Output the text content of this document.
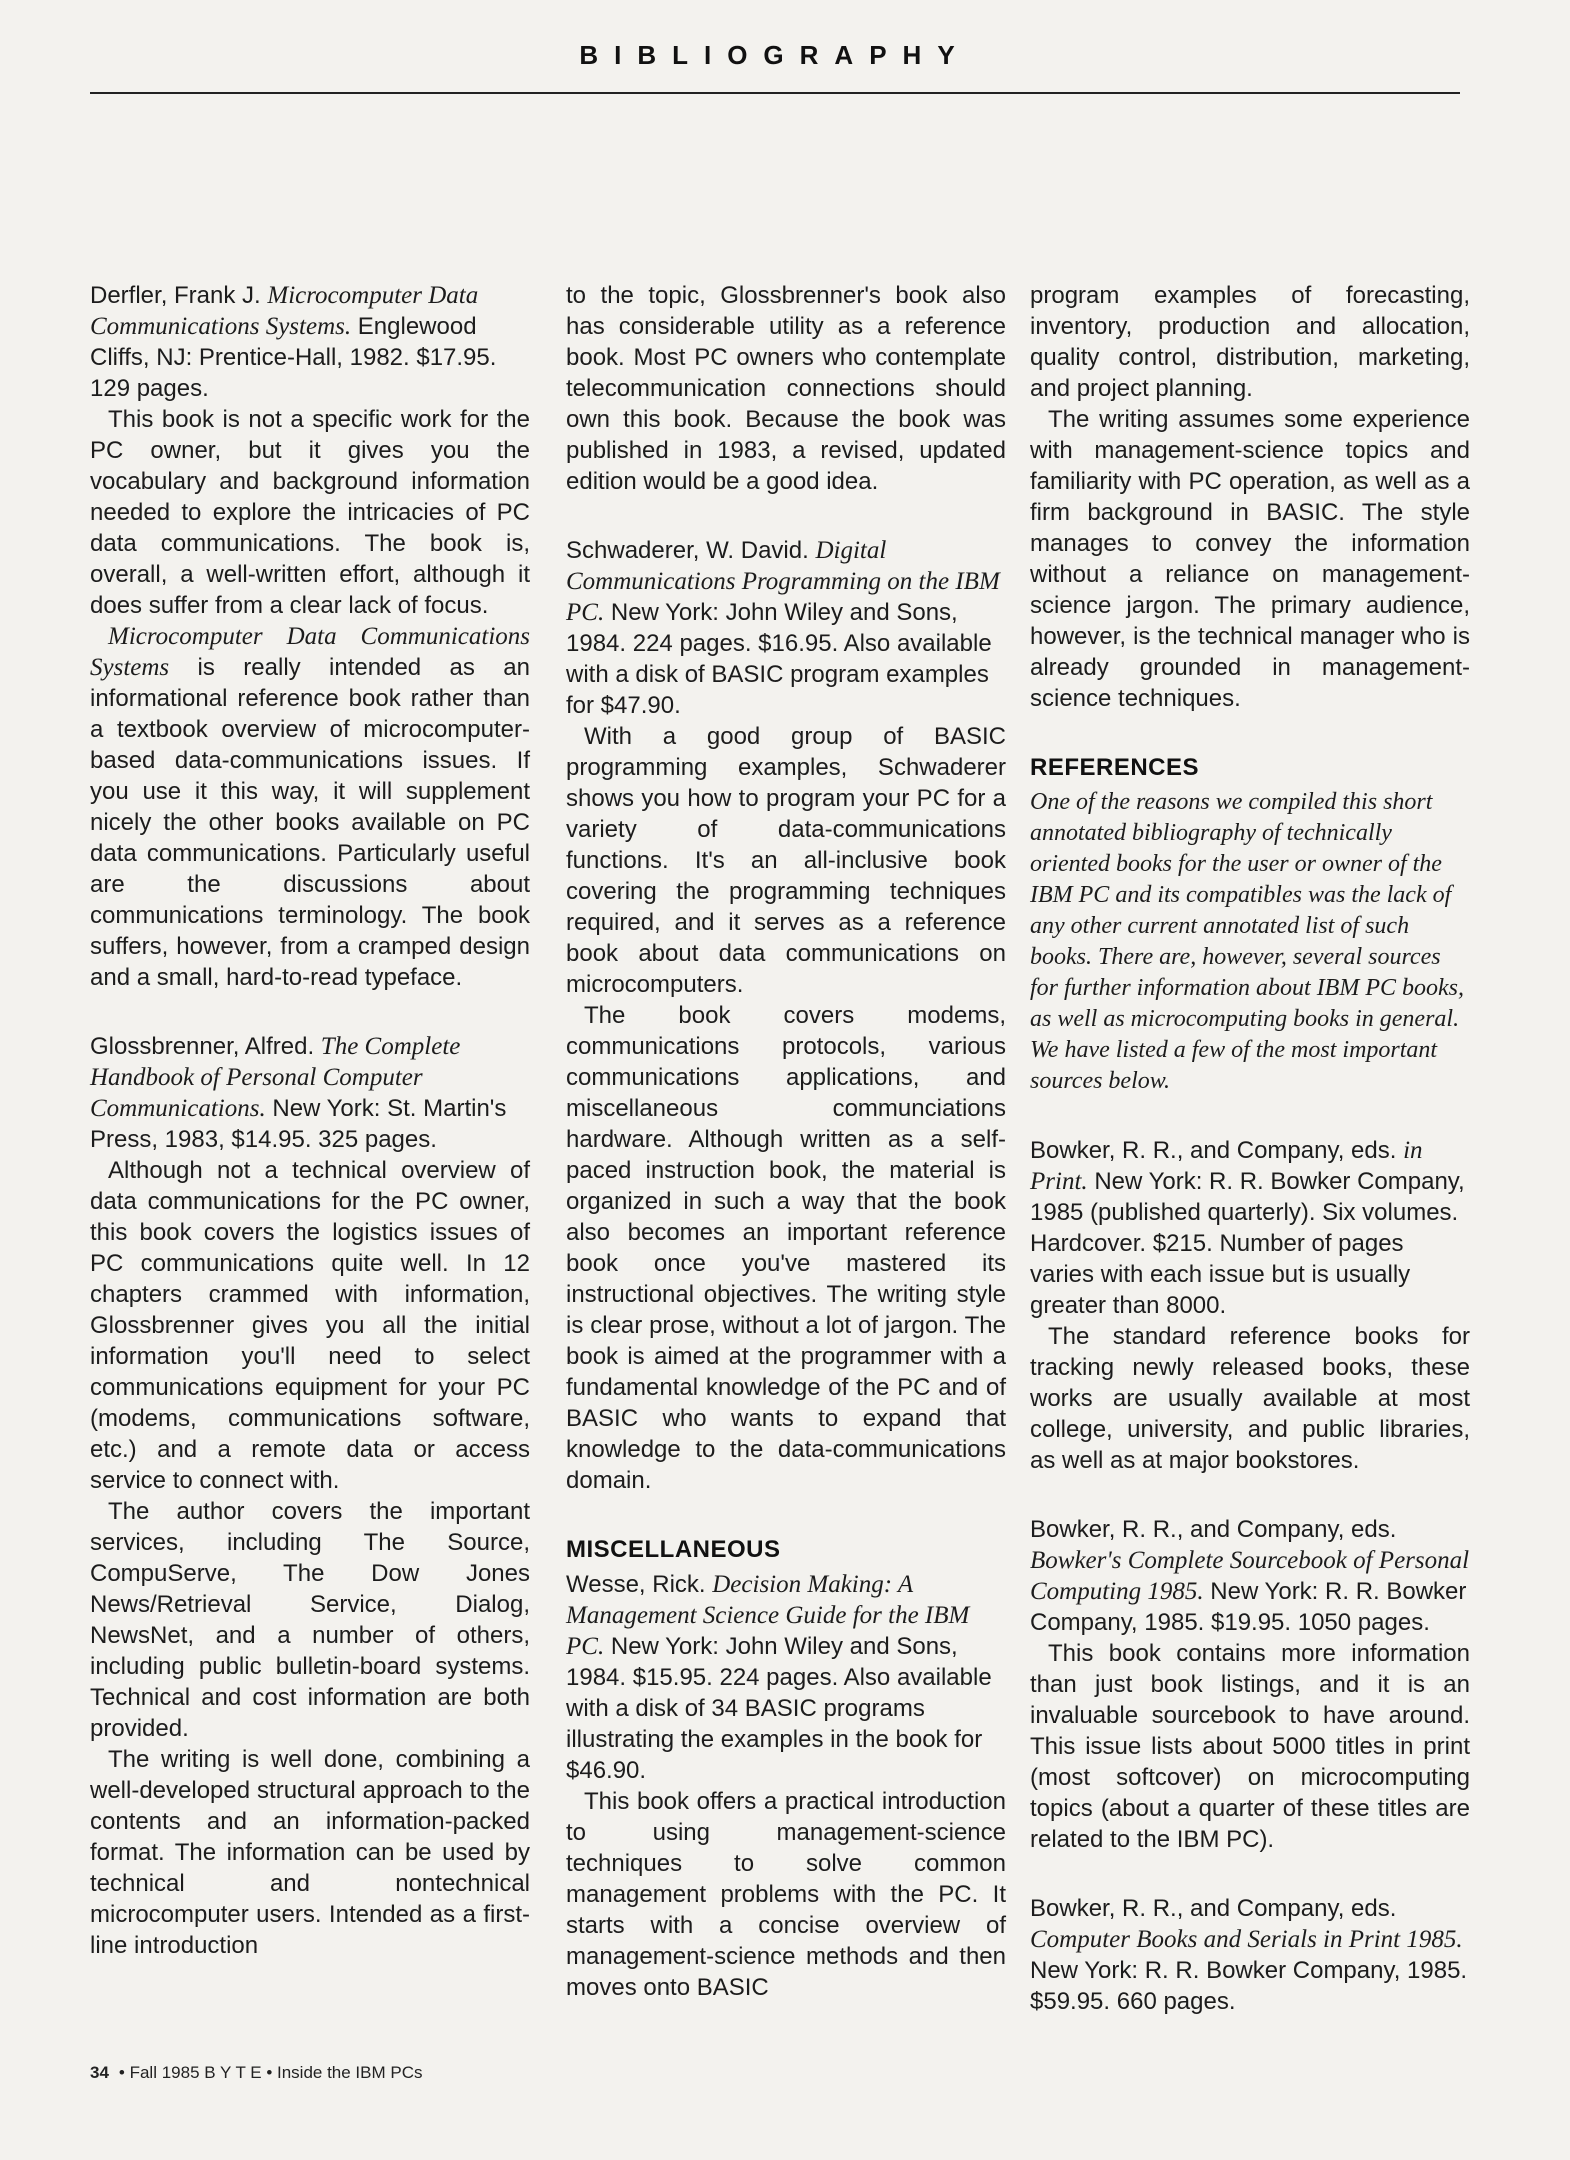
BIBLIOGRAPHY

Derfler, Frank J. Microcomputer Data Communications Systems. Englewood Cliffs, NJ: Prentice-Hall, 1982. $17.95. 129 pages.

This book is not a specific work for the PC owner, but it gives you the vocabulary and background information needed to explore the intricacies of PC data communications. The book is, overall, a well-written effort, although it does suffer from a clear lack of focus.

Microcomputer Data Communications Systems is really intended as an informational reference book rather than a textbook overview of microcomputer-based data-communications issues. If you use it this way, it will supplement nicely the other books available on PC data communications. Particularly useful are the discussions about communications terminology. The book suffers, however, from a cramped design and a small, hard-to-read typeface.

Glossbrenner, Alfred. The Complete Handbook of Personal Computer Communications. New York: St. Martin's Press, 1983, $14.95. 325 pages.

Although not a technical overview of data communications for the PC owner, this book covers the logistics issues of PC communications quite well. In 12 chapters crammed with information, Glossbrenner gives you all the initial information you'll need to select communications equipment for your PC (modems, communications software, etc.) and a remote data or access service to connect with.

The author covers the important services, including The Source, CompuServe, The Dow Jones News/Retrieval Service, Dialog, NewsNet, and a number of others, including public bulletin-board systems. Technical and cost information are both provided.

The writing is well done, combining a well-developed structural approach to the contents and an information-packed format. The information can be used by technical and nontechnical microcomputer users. Intended as a first-line introduction

to the topic, Glossbrenner's book also has considerable utility as a reference book. Most PC owners who contemplate telecommunication connections should own this book. Because the book was published in 1983, a revised, updated edition would be a good idea.

Schwaderer, W. David. Digital Communications Programming on the IBM PC. New York: John Wiley and Sons, 1984. 224 pages. $16.95. Also available with a disk of BASIC program examples for $47.90.

With a good group of BASIC programming examples, Schwaderer shows you how to program your PC for a variety of data-communications functions. It's an all-inclusive book covering the programming techniques required, and it serves as a reference book about data communications on microcomputers.

The book covers modems, communications protocols, various communications applications, and miscellaneous communciations hardware. Although written as a self-paced instruction book, the material is organized in such a way that the book also becomes an important reference book once you've mastered its instructional objectives. The writing style is clear prose, without a lot of jargon. The book is aimed at the programmer with a fundamental knowledge of the PC and of BASIC who wants to expand that knowledge to the data-communications domain.

MISCELLANEOUS

Wesse, Rick. Decision Making: A Management Science Guide for the IBM PC. New York: John Wiley and Sons, 1984. $15.95. 224 pages. Also available with a disk of 34 BASIC programs illustrating the examples in the book for $46.90.

This book offers a practical introduction to using management-science techniques to solve common management problems with the PC. It starts with a concise overview of management-science methods and then moves onto BASIC

program examples of forecasting, inventory, production and allocation, quality control, distribution, marketing, and project planning.

The writing assumes some experience with management-science topics and familiarity with PC operation, as well as a firm background in BASIC. The style manages to convey the information without a reliance on management-science jargon. The primary audience, however, is the technical manager who is already grounded in management-science techniques.

REFERENCES

One of the reasons we compiled this short annotated bibliography of technically oriented books for the user or owner of the IBM PC and its compatibles was the lack of any other current annotated list of such books. There are, however, several sources for further information about IBM PC books, as well as microcomputing books in general. We have listed a few of the most important sources below.

Bowker, R. R., and Company, eds. in Print. New York: R. R. Bowker Company, 1985 (published quarterly). Six volumes. Hardcover. $215. Number of pages varies with each issue but is usually greater than 8000.

The standard reference books for tracking newly released books, these works are usually available at most college, university, and public libraries, as well as at major bookstores.

Bowker, R. R., and Company, eds. Bowker's Complete Sourcebook of Personal Computing 1985. New York: R. R. Bowker Company, 1985. $19.95. 1050 pages.

This book contains more information than just book listings, and it is an invaluable sourcebook to have around. This issue lists about 5000 titles in print (most softcover) on microcomputing topics (about a quarter of these titles are related to the IBM PC).

Bowker, R. R., and Company, eds. Computer Books and Serials in Print 1985. New York: R. R. Bowker Company, 1985. $59.95. 660 pages.

34 • Fall 1985 B Y T E • Inside the IBM PCs
